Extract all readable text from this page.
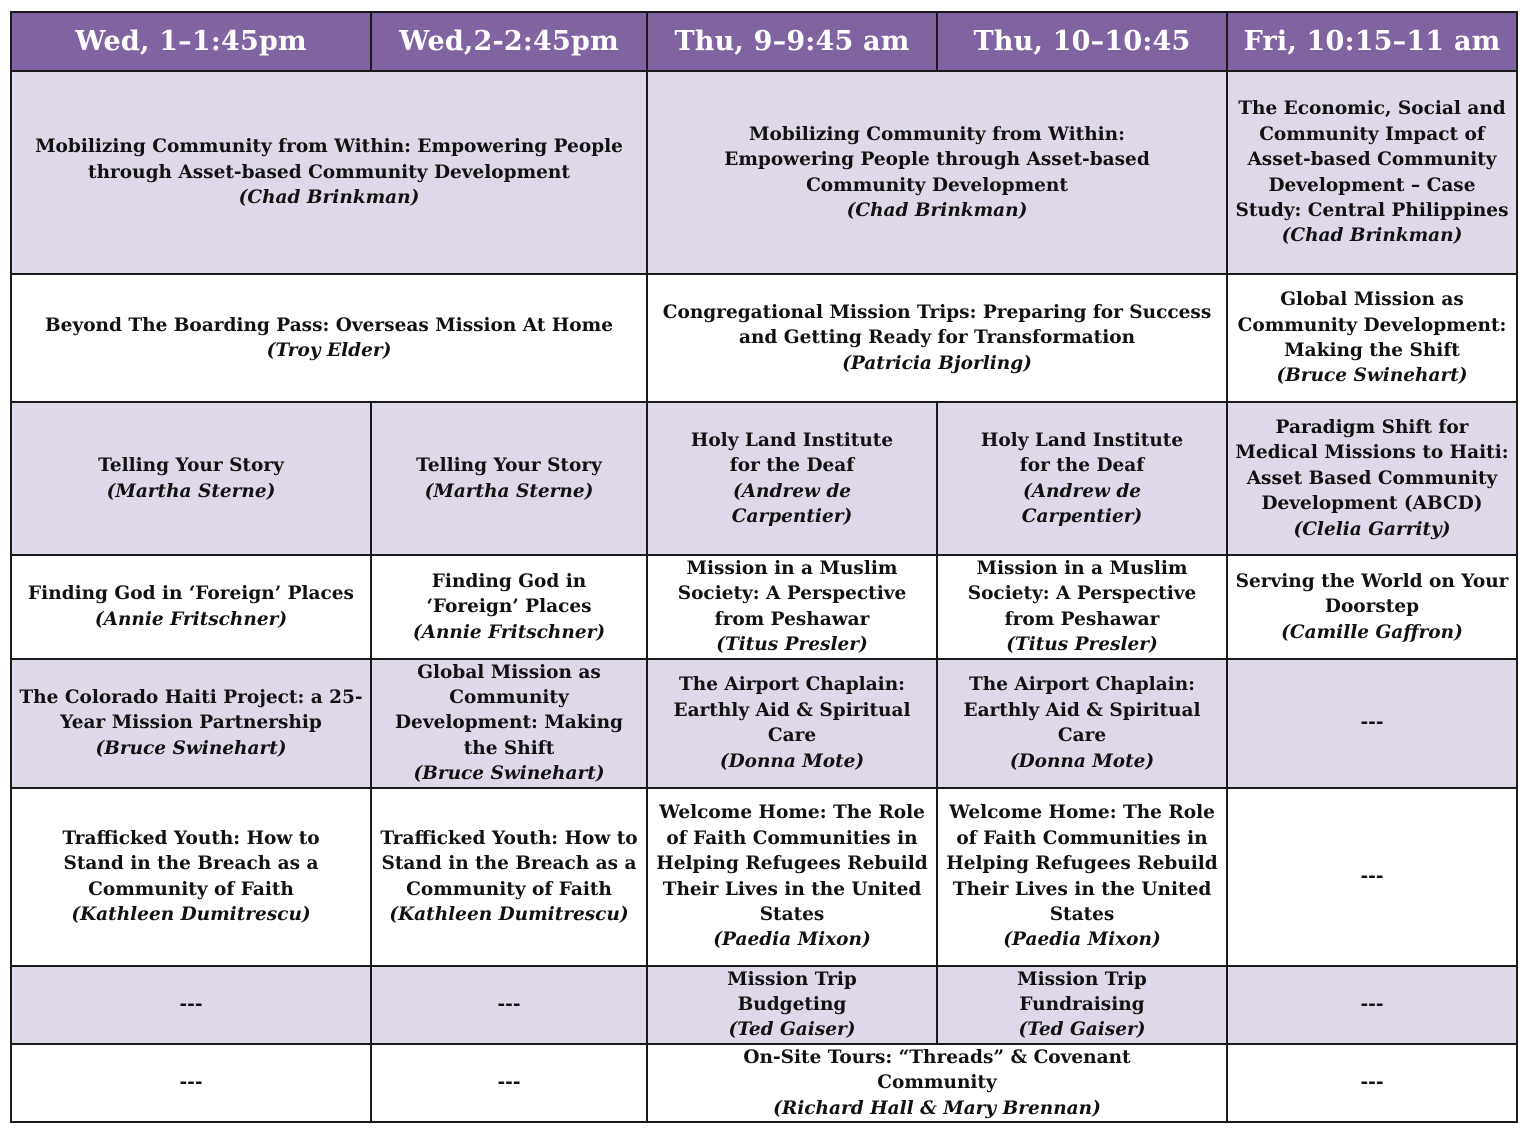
Wed, 1–1:45pm	Wed,2-2:45pm	Thu, 9–9:45 am	Thu, 10–10:45	Fri, 10:15–11 am

Mobilizing Community from Within: Empowering People through Asset-based Community Development
(Chad Brinkman)		Mobilizing Community from Within: Empowering People through Asset-based Community Development
(Chad Brinkman)		The Economic, Social and Community Impact of Asset-based Community Development – Case Study: Central Philippines
(Chad Brinkman)

Beyond The Boarding Pass: Overseas Mission At Home
(Troy Elder)		Congregational Mission Trips: Preparing for Success and Getting Ready for Transformation
(Patricia Bjorling)		Global Mission as Community Development: Making the Shift
(Bruce Swinehart)

Telling Your Story
(Martha Sterne)	Telling Your Story
(Martha Sterne)	Holy Land Institute for the Deaf
(Andrew de Carpentier)	Holy Land Institute for the Deaf
(Andrew de Carpentier)	Paradigm Shift for Medical Missions to Haiti: Asset Based Community Development (ABCD)
(Clelia Garrity)

Finding God in ‘Foreign’ Places
(Annie Fritschner)	Finding God in ‘Foreign’ Places
(Annie Fritschner)	Mission in a Muslim Society: A Perspective from Peshawar
(Titus Presler)	Mission in a Muslim Society: A Perspective from Peshawar
(Titus Presler)	Serving the World on Your Doorstep
(Camille Gaffron)

The Colorado Haiti Project: a 25-Year Mission Partnership
(Bruce Swinehart)	Global Mission as Community Development: Making the Shift
(Bruce Swinehart)	The Airport Chaplain: Earthly Aid & Spiritual Care
(Donna Mote)	The Airport Chaplain: Earthly Aid & Spiritual Care
(Donna Mote)	---

Trafficked Youth: How to Stand in the Breach as a Community of Faith
(Kathleen Dumitrescu)	Trafficked Youth: How to Stand in the Breach as a Community of Faith
(Kathleen Dumitrescu)	Welcome Home: The Role of Faith Communities in Helping Refugees Rebuild Their Lives in the United States
(Paedia Mixon)	Welcome Home: The Role of Faith Communities in Helping Refugees Rebuild Their Lives in the United States
(Paedia Mixon)	---

---	---	Mission Trip Budgeting
(Ted Gaiser)	Mission Trip Fundraising
(Ted Gaiser)	---

---	---	On-Site Tours: “Threads” & Covenant Community
(Richard Hall & Mary Brennan)		---
